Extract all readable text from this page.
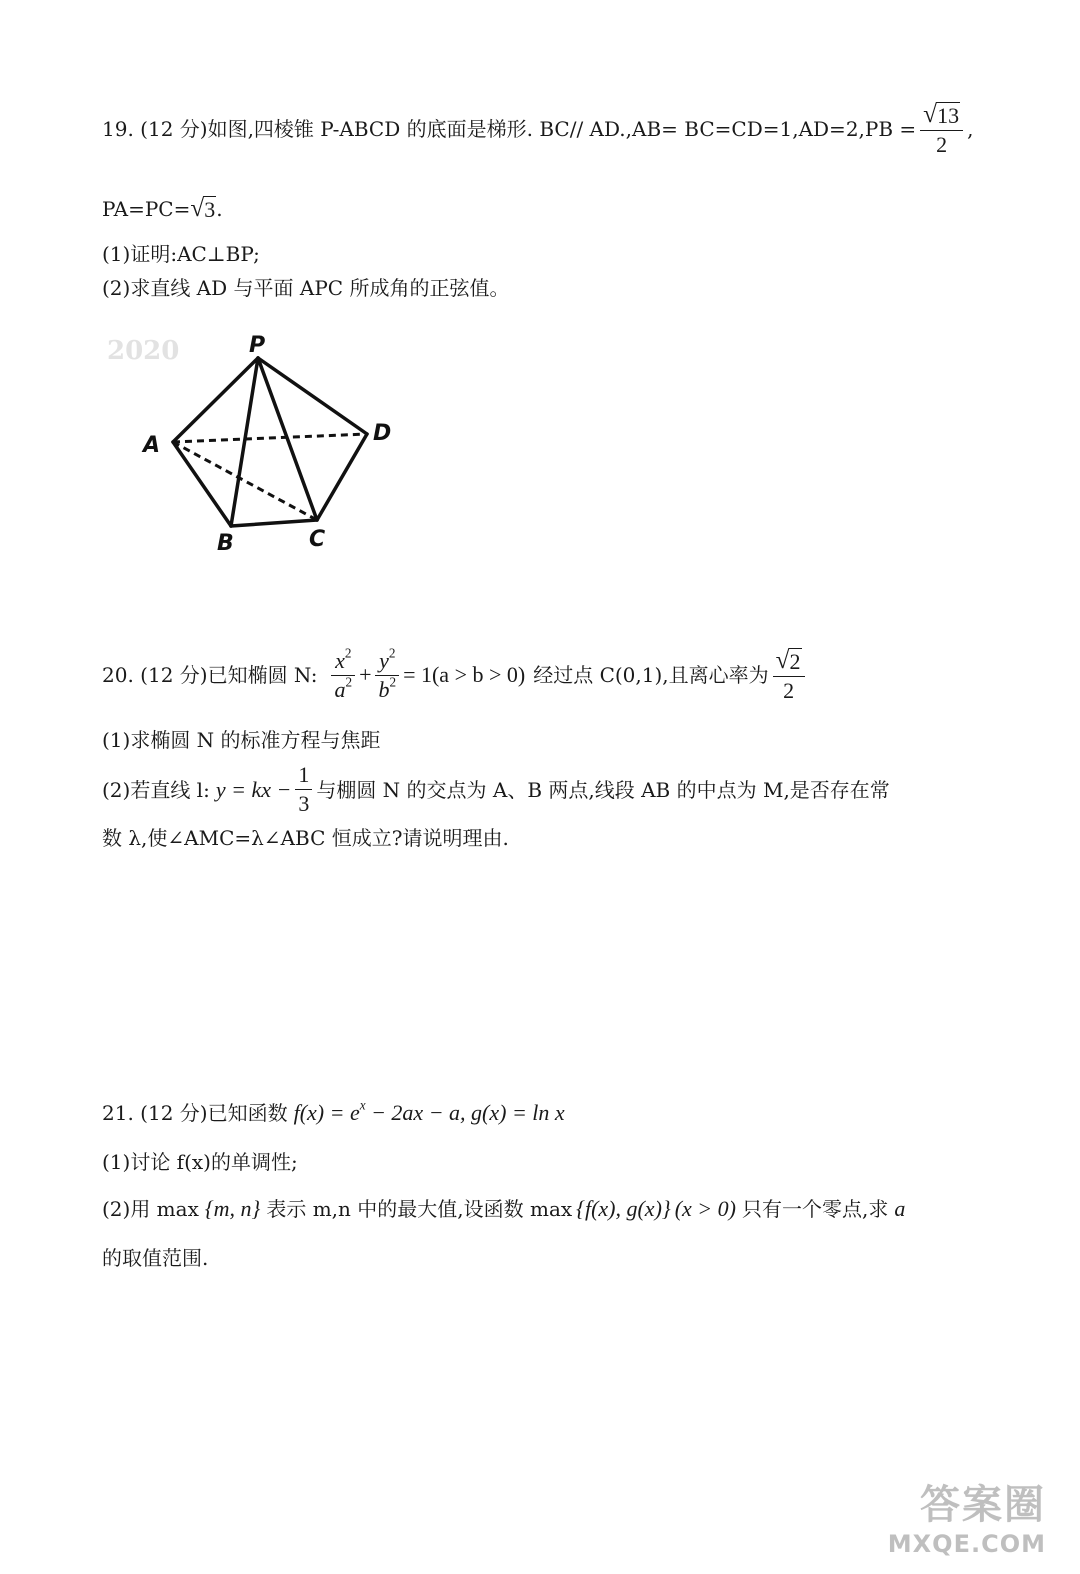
19. (12 分)如图,四棱锥 P-ABCD 的底面是梯形. BC// $AD.,AB= BC=CD=1,AD=2,PB = \frac{√ 13}{2}$ ,
PA=PC= √ 3 .
(1)证明:AC⊥BP;
(2)求直线 AD 与平面 APC 所成角的正弦值。
2020	P
A
B	C
D
20. (12 分)已知椭圆 N: $\frac{x^2}{a^2} + \frac{y^2}{b^2} = 1(a > b > 0)$ 经过点 C(0,1),且离心率为 $\frac{√ 2}{2}$
(1)求椭圆 N 的标准方程与焦距
(2)若直线 l: y = kx − $\frac{1}{3}$ 与棚圆 N 的交点为 A、B 两点,线段 AB 的中点为 M,是否存在常
数 λ,使∠AMC=λ∠ABC 恒成立?请说明理由.
21. (12 分)已知函数 $f(x) = e^x - 2ax - a$, g(x) = ln x
(1)讨论 f(x)的单调性;
(2)用 max {m, n} 表示 m,n 中的最大值,设函数 max {f(x), g(x)} (x > 0) 只有一个零点,求 a
的取值范围.
答案圈
MXQE.COM
